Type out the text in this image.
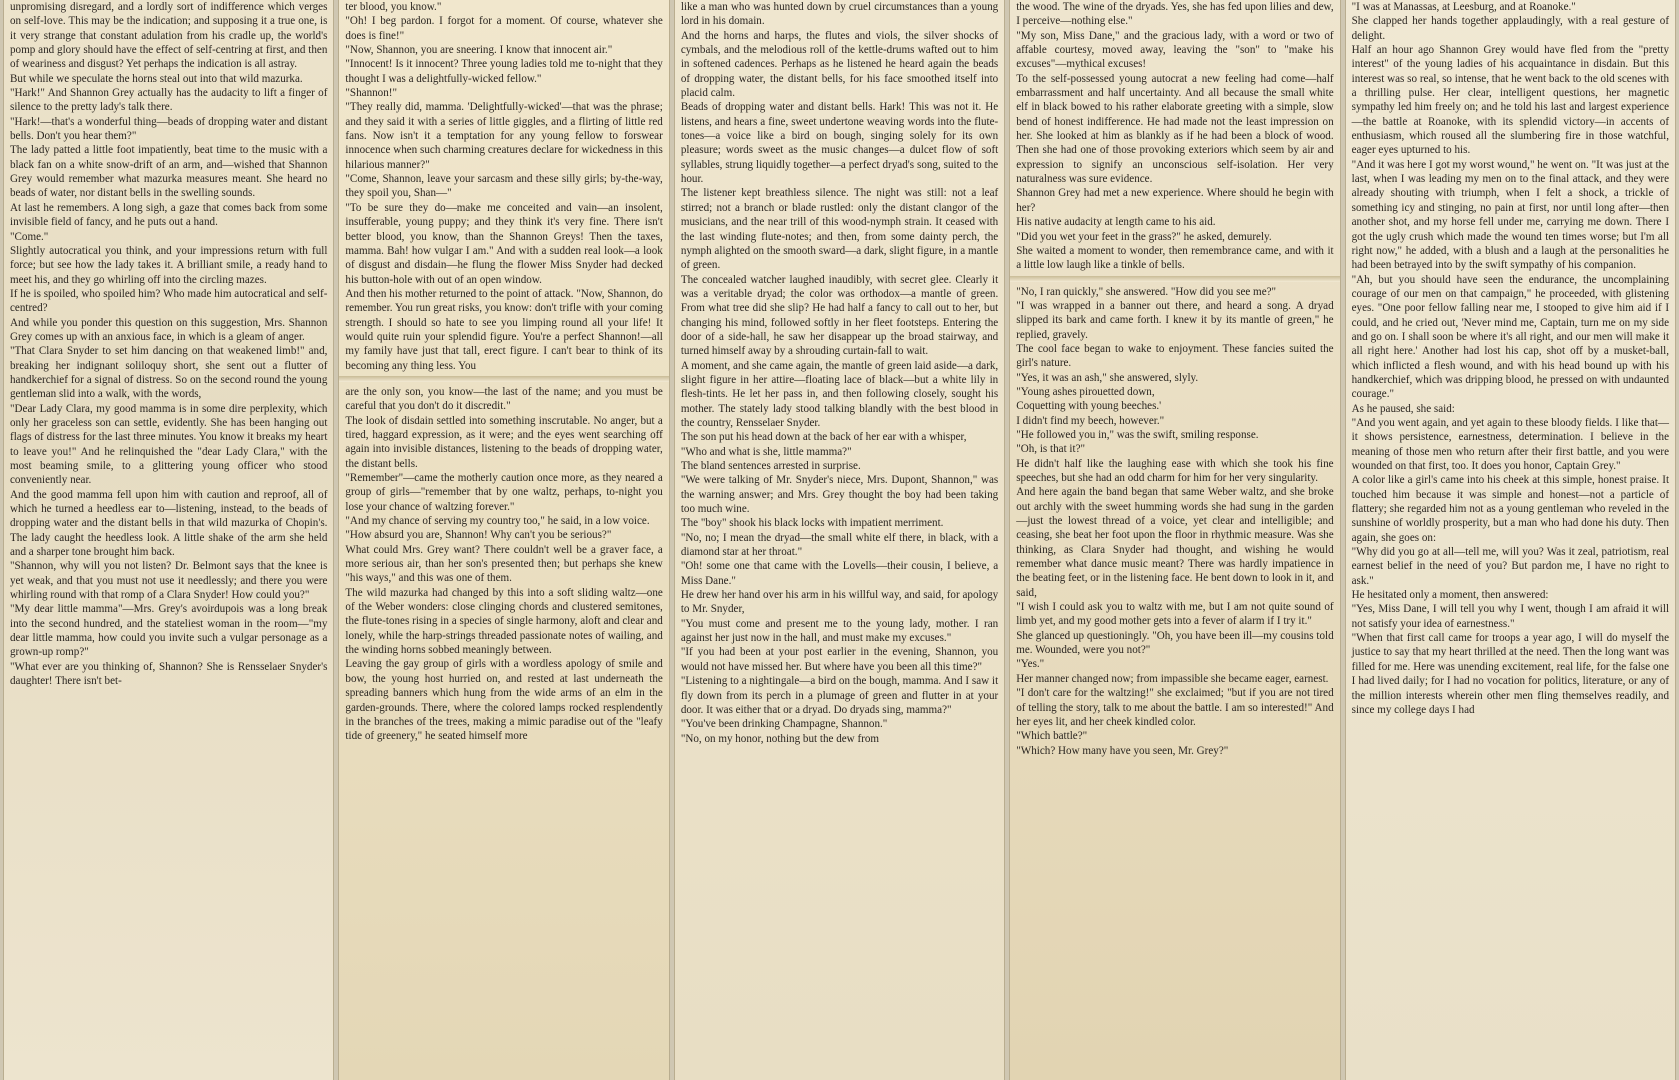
unpromising disregard, and a lordly sort of indifference which verges on self-love. This may be the indication; and supposing it a true one, is it very strange that constant adulation from his cradle up, the world's pomp and glory should have the effect of self-centring at first, and then of weariness and disgust? Yet perhaps the indication is all astray.
But while we speculate the horns steal out into that wild mazurka.
"Hark!" And Shannon Grey actually has the audacity to lift a finger of silence to the pretty lady's talk there.
"Hark!—that's a wonderful thing—beads of dropping water and distant bells. Don't you hear them?"
The lady patted a little foot impatiently, beat time to the music with a black fan on a white snow-drift of an arm, and—wished that Shannon Grey would remember what mazurka measures meant. She heard no beads of water, nor distant bells in the swelling sounds.
At last he remembers. A long sigh, a gaze that comes back from some invisible field of fancy, and he puts out a hand.
"Come."
Slightly autocratical you think, and your impressions return with full force; but see how the lady takes it. A brilliant smile, a ready hand to meet his, and they go whirling off into the circling mazes.
If he is spoiled, who spoiled him? Who made him autocratical and self-centred?
And while you ponder this question on this suggestion, Mrs. Shannon Grey comes up with an anxious face, in which is a gleam of anger.
"That Clara Snyder to set him dancing on that weakened limb!" and, breaking her indignant soliloquy short, she sent out a flutter of handkerchief for a signal of distress. So on the second round the young gentleman slid into a walk, with the words,
"Dear Lady Clara, my good mamma is in some dire perplexity, which only her graceless son can settle, evidently. She has been hanging out flags of distress for the last three minutes. You know it breaks my heart to leave you!" And he relinquished the "dear Lady Clara," with the most beaming smile, to a glittering young officer who stood conveniently near.
And the good mamma fell upon him with caution and reproof, all of which he turned a heedless ear to—listening, instead, to the beads of dropping water and the distant bells in that wild mazurka of Chopin's. The lady caught the heedless look. A little shake of the arm she held and a sharper tone brought him back.
"Shannon, why will you not listen? Dr. Belmont says that the knee is yet weak, and that you must not use it needlessly; and there you were whirling round with that romp of a Clara Snyder! How could you?"
"My dear little mamma"—Mrs. Grey's avoirdupois was a long break into the second hundred, and the stateliest woman in the room—"my dear little mamma, how could you invite such a vulgar personage as a grown-up romp?"
"What ever are you thinking of, Shannon? She is Rensselaer Snyder's daughter! There isn't bet-
ter blood, you know."
"Oh! I beg pardon. I forgot for a moment. Of course, whatever she does is fine!"
"Now, Shannon, you are sneering. I know that innocent air."
"Innocent! Is it innocent? Three young ladies told me to-night that they thought I was a delightfully-wicked fellow."
"Shannon!"
"They really did, mamma. 'Delightfully-wicked'—that was the phrase; and they said it with a series of little giggles, and a flirting of little red fans. Now isn't it a temptation for any young fellow to forswear innocence when such charming creatures declare for wickedness in this hilarious manner?"
"Come, Shannon, leave your sarcasm and these silly girls; by-the-way, they spoil you, Shan—"
"To be sure they do—make me conceited and vain—an insolent, insufferable, young puppy; and they think it's very fine. There isn't better blood, you know, than the Shannon Greys! Then the taxes, mamma. Bah! how vulgar I am." And with a sudden real look—a look of disgust and disdain—he flung the flower Miss Snyder had decked his button-hole with out of an open window.
And then his mother returned to the point of attack. "Now, Shannon, do remember. You run great risks, you know: don't trifle with your coming strength. I should so hate to see you limping round all your life! It would quite ruin your splendid figure. You're a perfect Shannon!—all my family have just that tall, erect figure. I can't bear to think of its becoming any thing less. You
are the only son, you know—the last of the name; and you must be careful that you don't do it discredit."
The look of disdain settled into something inscrutable. No anger, but a tired, haggard expression, as it were; and the eyes went searching off again into invisible distances, listening to the beads of dropping water, the distant bells.
"Remember"—came the motherly caution once more, as they neared a group of girls—"remember that by one waltz, perhaps, to-night you lose your chance of waltzing forever."
"And my chance of serving my country too," he said, in a low voice.
"How absurd you are, Shannon! Why can't you be serious?"
What could Mrs. Grey want? There couldn't well be a graver face, a more serious air, than her son's presented then; but perhaps she knew "his ways," and this was one of them.
The wild mazurka had changed by this into a soft sliding waltz—one of the Weber wonders: close clinging chords and clustered semitones, the flute-tones rising in a species of single harmony, aloft and clear and lonely, while the harp-strings threaded passionate notes of wailing, and the winding horns sobbed meaningly between.
Leaving the gay group of girls with a wordless apology of smile and bow, the young host hurried on, and rested at last underneath the spreading banners which hung from the wide arms of an elm in the garden-grounds. There, where the colored lamps rocked resplendently in the branches of the trees, making a mimic paradise out of the "leafy tide of greenery," he seated himself more
like a man who was hunted down by cruel circumstances than a young lord in his domain.
And the horns and harps, the flutes and viols, the silver shocks of cymbals, and the melodious roll of the kettle-drums wafted out to him in softened cadences. Perhaps as he listened he heard again the beads of dropping water, the distant bells, for his face smoothed itself into placid calm.
Beads of dropping water and distant bells. Hark! This was not it. He listens, and hears a fine, sweet undertone weaving words into the flute-tones—a voice like a bird on bough, singing solely for its own pleasure; words sweet as the music changes—a dulcet flow of soft syllables, strung liquidly together—a perfect dryad's song, suited to the hour.
The listener kept breathless silence. The night was still: not a leaf stirred; not a branch or blade rustled: only the distant clangor of the musicians, and the near trill of this wood-nymph strain. It ceased with the last winding flute-notes; and then, from some dainty perch, the nymph alighted on the smooth sward—a dark, slight figure, in a mantle of green.
The concealed watcher laughed inaudibly, with secret glee. Clearly it was a veritable dryad; the color was orthodox—a mantle of green. From what tree did she slip? He had half a fancy to call out to her, but changing his mind, followed softly in her fleet footsteps. Entering the door of a side-hall, he saw her disappear up the broad stairway, and turned himself away by a shrouding curtain-fall to wait.
A moment, and she came again, the mantle of green laid aside—a dark, slight figure in her attire—floating lace of black—but a white lily in flesh-tints. He let her pass in, and then following closely, sought his mother. The stately lady stood talking blandly with the best blood in the country, Rensselaer Snyder.
The son put his head down at the back of her ear with a whisper,
"Who and what is she, little mamma?"
The bland sentences arrested in surprise.
"We were talking of Mr. Snyder's niece, Mrs. Dupont, Shannon," was the warning answer; and Mrs. Grey thought the boy had been taking too much wine.
The "boy" shook his black locks with impatient merriment.
"No, no; I mean the dryad—the small white elf there, in black, with a diamond star at her throat."
"Oh! some one that came with the Lovells—their cousin, I believe, a Miss Dane."
He drew her hand over his arm in his willful way, and said, for apology to Mr. Snyder,
"You must come and present me to the young lady, mother. I ran against her just now in the hall, and must make my excuses."
"If you had been at your post earlier in the evening, Shannon, you would not have missed her. But where have you been all this time?"
"Listening to a nightingale—a bird on the bough, mamma. And I saw it fly down from its perch in a plumage of green and flutter in at your door. It was either that or a dryad. Do dryads sing, mamma?"
"You've been drinking Champagne, Shannon."
"No, on my honor, nothing but the dew from
the wood. The wine of the dryads. Yes, she has fed upon lilies and dew, I perceive—nothing else."
"My son, Miss Dane," and the gracious lady, with a word or two of affable courtesy, moved away, leaving the "son" to "make his excuses"—mythical excuses!
To the self-possessed young autocrat a new feeling had come—half embarrassment and half uncertainty. And all because the small white elf in black bowed to his rather elaborate greeting with a simple, slow bend of honest indifference. He had made not the least impression on her. She looked at him as blankly as if he had been a block of wood. Then she had one of those provoking exteriors which seem by air and expression to signify an unconscious self-isolation. Her very naturalness was sure evidence.
Shannon Grey had met a new experience. Where should he begin with her?
His native audacity at length came to his aid.
"Did you wet your feet in the grass?" he asked, demurely.
She waited a moment to wonder, then remembrance came, and with it a little low laugh like a tinkle of bells.
"No, I ran quickly," she answered. "How did you see me?"
"I was wrapped in a banner out there, and heard a song. A dryad slipped its bark and came forth. I knew it by its mantle of green," he replied, gravely.
The cool face began to wake to enjoyment. These fancies suited the girl's nature.
"Yes, it was an ash," she answered, slyly.
"Young ashes pirouetted down,
Coquetting with young beeches.'
I didn't find my beech, however."
"He followed you in," was the swift, smiling response.
"Oh, is that it?"
He didn't half like the laughing ease with which she took his fine speeches, but she had an odd charm for him for her very singularity.
And here again the band began that same Weber waltz, and she broke out archly with the sweet humming words she had sung in the garden—just the lowest thread of a voice, yet clear and intelligible; and ceasing, she beat her foot upon the floor in rhythmic measure. Was she thinking, as Clara Snyder had thought, and wishing he would remember what dance music meant? There was hardly impatience in the beating feet, or in the listening face. He bent down to look in it, and said,
"I wish I could ask you to waltz with me, but I am not quite sound of limb yet, and my good mother gets into a fever of alarm if I try it."
She glanced up questioningly. "Oh, you have been ill—my cousins told me. Wounded, were you not?"
"Yes."
Her manner changed now; from impassible she became eager, earnest.
"I don't care for the waltzing!" she exclaimed; "but if you are not tired of telling the story, talk to me about the battle. I am so interested!" And her eyes lit, and her cheek kindled color.
"Which battle?"
"Which? How many have you seen, Mr. Grey?"
"I was at Manassas, at Leesburg, and at Roanoke."
She clapped her hands together applaudingly, with a real gesture of delight.
Half an hour ago Shannon Grey would have fled from the "pretty interest" of the young ladies of his acquaintance in disdain. But this interest was so real, so intense, that he went back to the old scenes with a thrilling pulse. Her clear, intelligent questions, her magnetic sympathy led him freely on; and he told his last and largest experience—the battle at Roanoke, with its splendid victory—in accents of enthusiasm, which roused all the slumbering fire in those watchful, eager eyes upturned to his.
"And it was here I got my worst wound," he went on. "It was just at the last, when I was leading my men on to the final attack, and they were already shouting with triumph, when I felt a shock, a trickle of something icy and stinging, no pain at first, nor until long after—then another shot, and my horse fell under me, carrying me down. There I got the ugly crush which made the wound ten times worse; but I'm all right now," he added, with a blush and a laugh at the personalities he had been betrayed into by the swift sympathy of his companion.
"Ah, but you should have seen the endurance, the uncomplaining courage of our men on that campaign," he proceeded, with glistening eyes. "One poor fellow falling near me, I stooped to give him aid if I could, and he cried out, 'Never mind me, Captain, turn me on my side and go on. I shall soon be where it's all right, and our men will make it all right here.' Another had lost his cap, shot off by a musket-ball, which inflicted a flesh wound, and with his head bound up with his handkerchief, which was dripping blood, he pressed on with undaunted courage."
As he paused, she said:
"And you went again, and yet again to these bloody fields. I like that—it shows persistence, earnestness, determination. I believe in the meaning of those men who return after their first battle, and you were wounded on that first, too. It does you honor, Captain Grey."
A color like a girl's came into his cheek at this simple, honest praise. It touched him because it was simple and honest—not a particle of flattery; she regarded him not as a young gentleman who reveled in the sunshine of worldly prosperity, but a man who had done his duty. Then again, she goes on:
"Why did you go at all—tell me, will you? Was it zeal, patriotism, real earnest belief in the need of you? But pardon me, I have no right to ask."
He hesitated only a moment, then answered:
"Yes, Miss Dane, I will tell you why I went, though I am afraid it will not satisfy your idea of earnestness."
"When that first call came for troops a year ago, I will do myself the justice to say that my heart thrilled at the need. Then the long want was filled for me. Here was unending excitement, real life, for the false one I had lived daily; for I had no vocation for politics, literature, or any of the million interests wherein other men fling themselves readily, and since my college days I had
